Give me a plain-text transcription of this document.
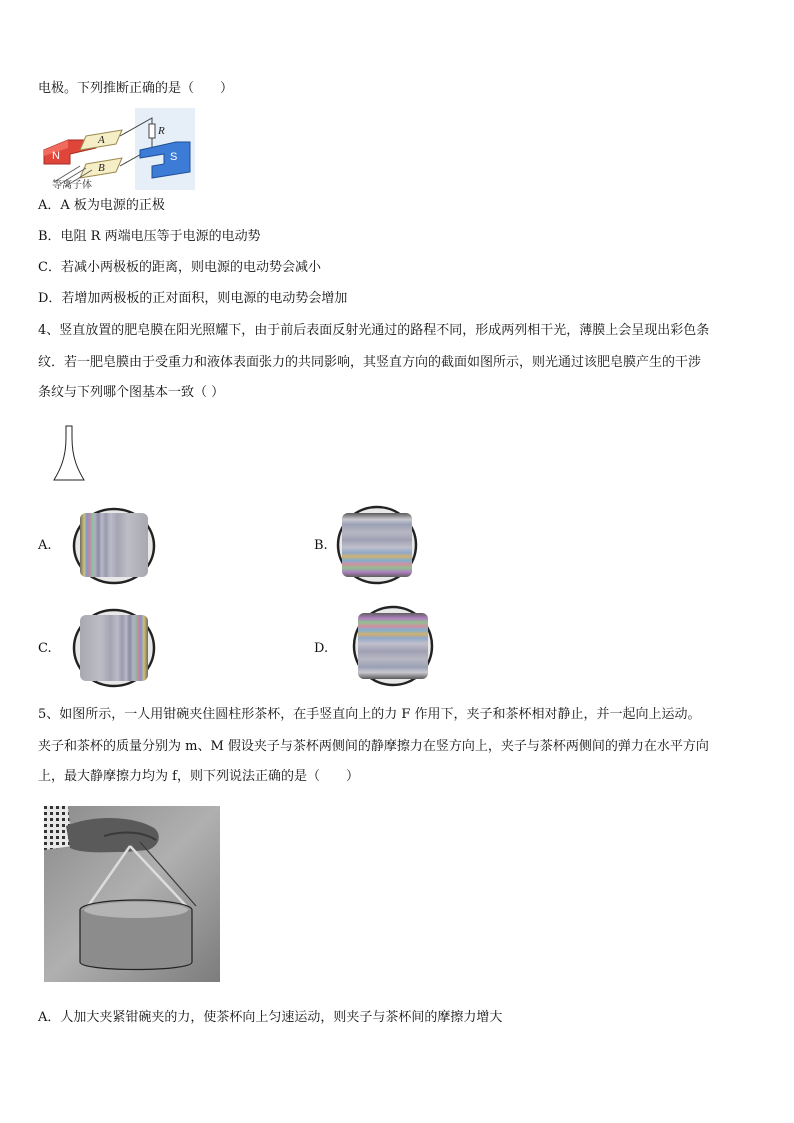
电极。下列推断正确的是（　　）
R
N
A
B
S
等离子体
A．A 板为电源的正极
B．电阻 R 两端电压等于电源的电动势
C．若减小两极板的距离，则电源的电动势会减小
D．若增加两极板的正对面积，则电源的电动势会增加
4、竖直放置的肥皂膜在阳光照耀下，由于前后表面反射光通过的路程不同，形成两列相干光，薄膜上会呈现出彩色条
纹．若一肥皂膜由于受重力和液体表面张力的共同影响，其竖直方向的截面如图所示，则光通过该肥皂膜产生的干涉
条纹与下列哪个图基本一致（ ）
A.	B.
C.	D.
5、如图所示，一人用钳碗夹住圆柱形茶杯，在手竖直向上的力 F 作用下，夹子和茶杯相对静止，并一起向上运动。
夹子和茶杯的质量分别为 m、M 假设夹子与茶杯两侧间的静摩擦力在竖方向上，夹子与茶杯两侧间的弹力在水平方向
上，最大静摩擦力均为 f，则下列说法正确的是（　　）
A．人加大夹紧钳碗夹的力，使茶杯向上匀速运动，则夹子与茶杯间的摩擦力增大
